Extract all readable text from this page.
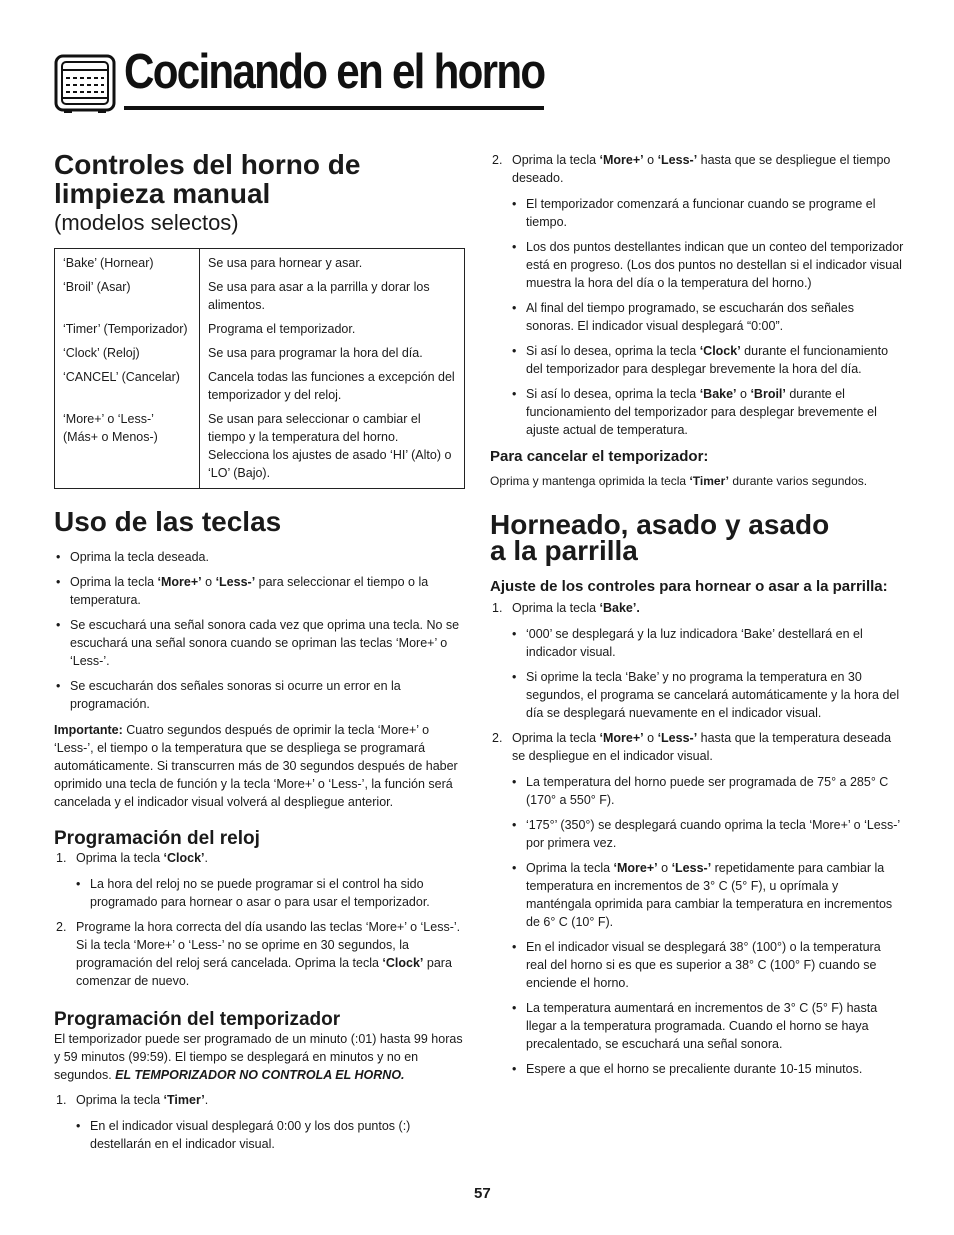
Cocinando en el horno
Controles del horno de limpieza manual

(modelos selectos)

‘Bake’ (Hornear)	Se usa para hornear y asar.
‘Broil’ (Asar)	Se usa para asar a la parrilla y dorar los alimentos.
‘Timer’ (Temporizador)	Programa el temporizador.
‘Clock’ (Reloj)	Se usa para programar la hora del día.
‘CANCEL’ (Cancelar)	Cancela todas las funciones a excepción del temporizador y del reloj.
‘More+’ o ‘Less-’ (Más+ o Menos-)	Se usan para seleccionar o cambiar el tiempo y la temperatura del horno. Selecciona los ajustes de asado ‘HI’ (Alto) o ‘LO’ (Bajo).
Uso de las teclas
• Oprima la tecla deseada.
• Oprima la tecla ‘More+’ o ‘Less-’ para seleccionar el tiempo o la temperatura.
• Se escuchará una señal sonora cada vez que oprima una tecla. No se escuchará una señal sonora cuando se opriman las teclas ‘More+’ o ‘Less-’.
• Se escucharán dos señales sonoras si ocurre un error en la programación.

Importante: Cuatro segundos después de oprimir la tecla ‘More+’ o ‘Less-’, el tiempo o la temperatura que se despliega se programará automáticamente. Si transcurren más de 30 segundos después de haber oprimido una tecla de función y la tecla ‘More+’ o ‘Less-’, la función será cancelada y el indicador visual volverá al despliegue anterior.

Programación del reloj
1. Oprima la tecla ‘Clock’.
• La hora del reloj no se puede programar si el control ha sido programado para hornear o asar o para usar el temporizador.
2. Programe la hora correcta del día usando las teclas ‘More+’ o ‘Less-’. Si la tecla ‘More+’ o ‘Less-’ no se oprime en 30 segundos, la programación del reloj será cancelada. Oprima la tecla ‘Clock’ para comenzar de nuevo.
Programación del temporizador

El temporizador puede ser programado de un minuto (:01) hasta 99 horas y 59 minutos (99:59). El tiempo se desplegará en minutos y no en segundos. EL TEMPORIZADOR NO CONTROLA EL HORNO.

1. Oprima la tecla ‘Timer’.
• En el indicador visual desplegará 0:00 y los dos puntos (:) destellarán en el indicador visual.
2. Oprima la tecla ‘More+’ o ‘Less-’ hasta que se despliegue el tiempo deseado.
• El temporizador comenzará a funcionar cuando se programe el tiempo.
• Los dos puntos destellantes indican que un conteo del temporizador está en progreso. (Los dos puntos no destellan si el indicador visual muestra la hora del día o la temperatura del horno.)
• Al final del tiempo programado, se escucharán dos señales sonoras. El indicador visual desplegará “0:00”.
• Si así lo desea, oprima la tecla ‘Clock’ durante el funcionamiento del temporizador para desplegar brevemente la hora del día.
• Si así lo desea, oprima la tecla ‘Bake’ o ‘Broil’ durante el funcionamiento del temporizador para desplegar brevemente el ajuste actual de temperatura.
Para cancelar el temporizador:

Oprima y mantenga oprimida la tecla ‘Timer’ durante varios segundos.

Horneado, asado y asado a la parrilla
Ajuste de los controles para hornear o asar a la parrilla:
1. Oprima la tecla ‘Bake’.
• ‘000’ se desplegará y la luz indicadora ‘Bake’ destellará en el indicador visual.
• Si oprime la tecla ‘Bake’ y no programa la temperatura en 30 segundos, el programa se cancelará automáticamente y la hora del día se desplegará nuevamente en el indicador visual.
2. Oprima la tecla ‘More+’ o ‘Less-’ hasta que la temperatura deseada se despliegue en el indicador visual.
• La temperatura del horno puede ser programada de 75° a 285° C (170° a 550° F).
• ‘175°’ (350°) se desplegará cuando oprima la tecla ‘More+’ o ‘Less-’ por primera vez.
• Oprima la tecla ‘More+’ o ‘Less-’ repetidamente para cambiar la temperatura en incrementos de 3° C (5° F), u oprímala y manténgala oprimida para cambiar la temperatura en incrementos de 6° C (10° F).
• En el indicador visual se desplegará 38° (100°) o la temperatura real del horno si es que es superior a 38° C (100° F) cuando se enciende el horno.
• La temperatura aumentará en incrementos de 3° C (5° F) hasta llegar a la temperatura programada. Cuando el horno se haya precalentado, se escuchará una señal sonora.
• Espere a que el horno se precaliente durante 10-15 minutos.
57
